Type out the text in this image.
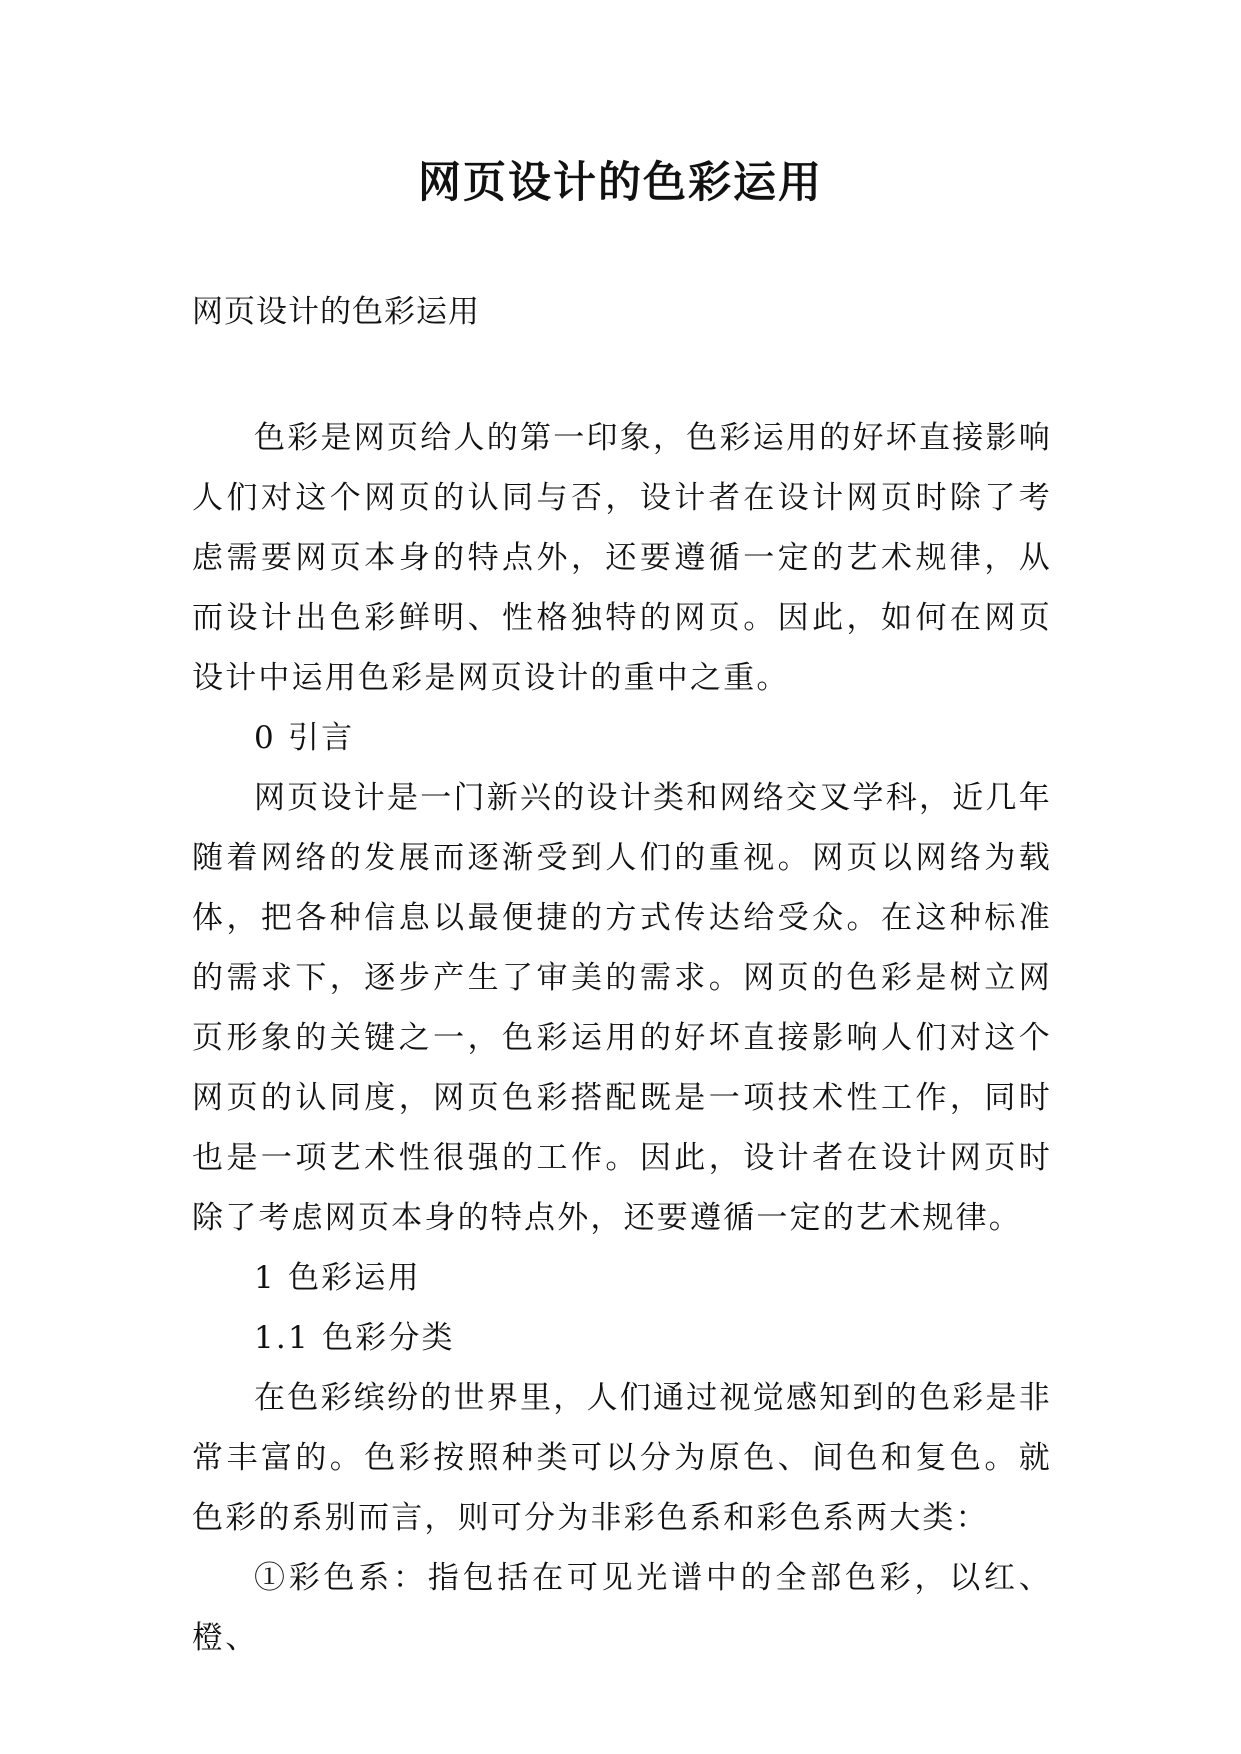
网页设计的色彩运用

网页设计的色彩运用

色彩是网页给人的第一印象，色彩运用的好坏直接影响人们对这个网页的认同与否，设计者在设计网页时除了考虑需要网页本身的特点外，还要遵循一定的艺术规律，从而设计出色彩鲜明、性格独特的网页。因此，如何在网页设计中运用色彩是网页设计的重中之重。

0 引言

网页设计是一门新兴的设计类和网络交叉学科，近几年随着网络的发展而逐渐受到人们的重视。网页以网络为载体，把各种信息以最便捷的方式传达给受众。在这种标准的需求下，逐步产生了审美的需求。网页的色彩是树立网页形象的关键之一，色彩运用的好坏直接影响人们对这个网页的认同度，网页色彩搭配既是一项技术性工作，同时也是一项艺术性很强的工作。因此，设计者在设计网页时除了考虑网页本身的特点外，还要遵循一定的艺术规律。

1 色彩运用

1.1 色彩分类

在色彩缤纷的世界里，人们通过视觉感知到的色彩是非常丰富的。色彩按照种类可以分为原色、间色和复色。就色彩的系别而言，则可分为非彩色系和彩色系两大类：

①彩色系：指包括在可见光谱中的全部色彩，以红、橙、
